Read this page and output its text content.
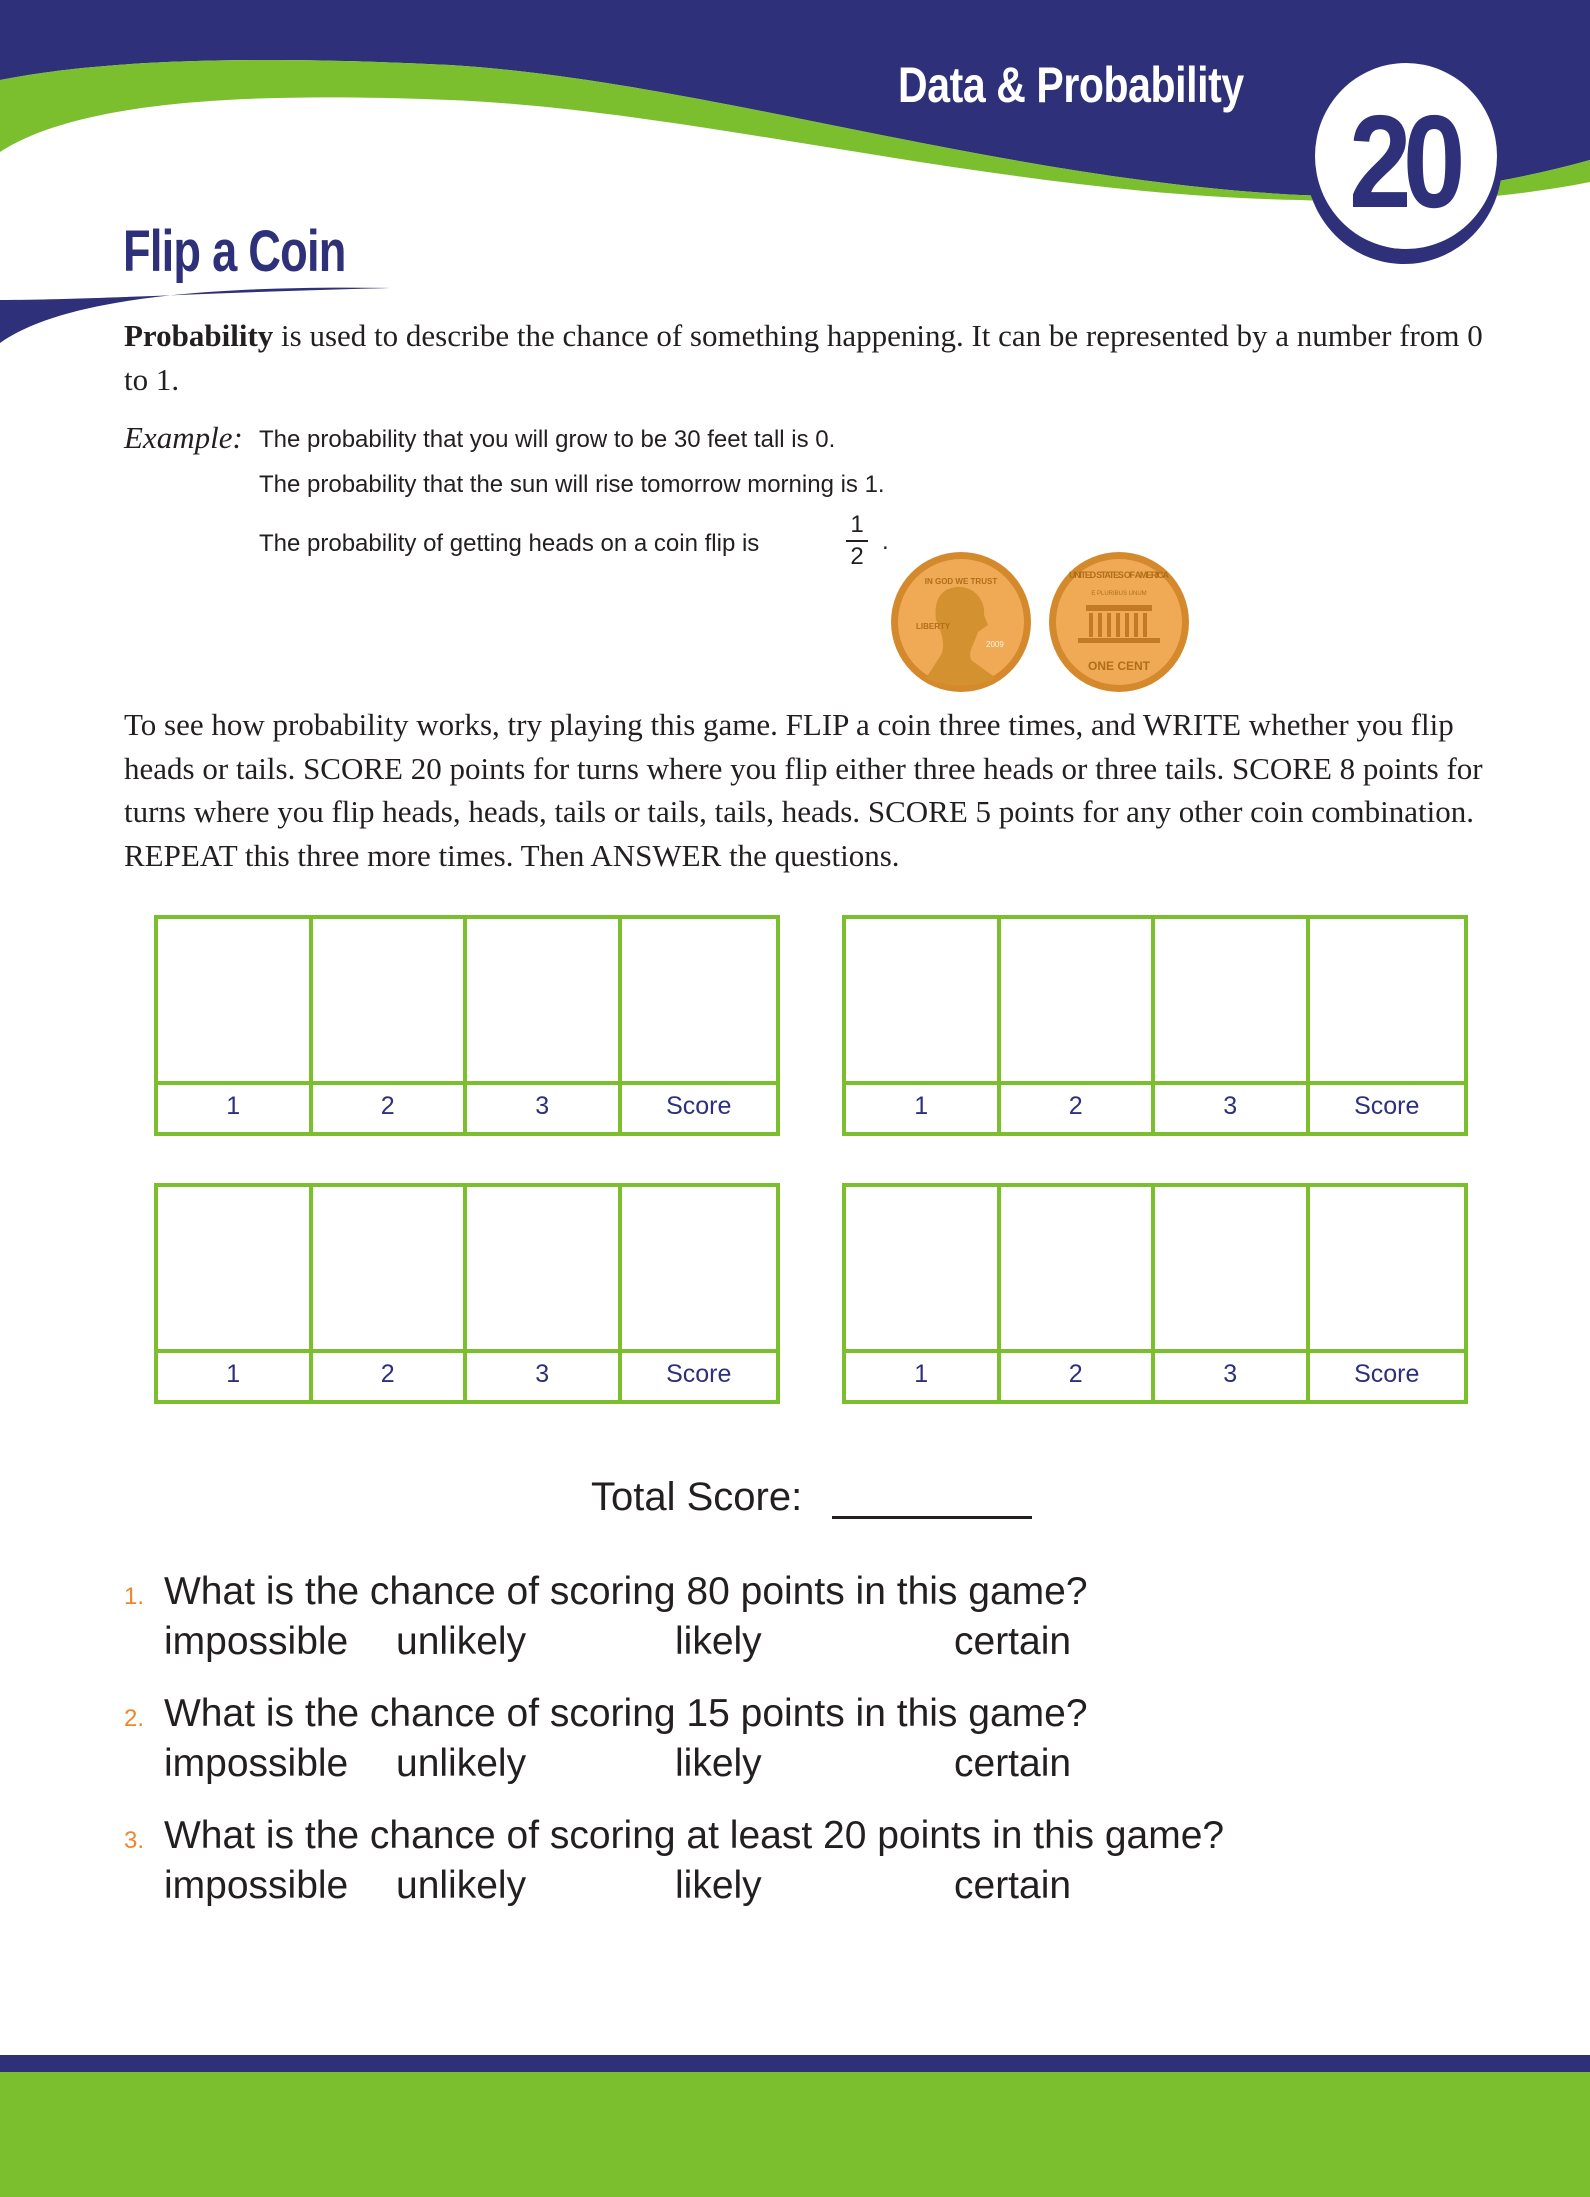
Data & Probability
20
Flip a Coin
Probability is used to describe the chance of something happening. It can be represented by a number from 0 to 1.
Example: The probability that you will grow to be 30 feet tall is 0.
The probability that the sun will rise tomorrow morning is 1.
The probability of getting heads on a coin flip is	$\frac{1}{2}$ .
IN GOD WE TRUST
LIBERTY
2009
UNITED STATES OF AMERICA
E PLURIBUS UNUM
ONE CENT
To see how probability works, try playing this game. FLIP a coin three times, and WRITE whether you flip heads or tails. SCORE 20 points for turns where you flip either three heads or three tails. SCORE 8 points for turns where you flip heads, heads, tails or tails, tails, heads. SCORE 5 points for any other coin combination. REPEAT this three more times. Then ANSWER the questions.
1	2	3	Score	1	2	3	Score
1	2	3	Score	1	2	3	Score
Total Score:
1. What is the chance of scoring 80 points in this game?
impossible unlikely	likely	certain
2. What is the chance of scoring 15 points in this game?
impossible unlikely	likely	certain
3. What is the chance of scoring at least 20 points in this game?
impossible unlikely	likely	certain
